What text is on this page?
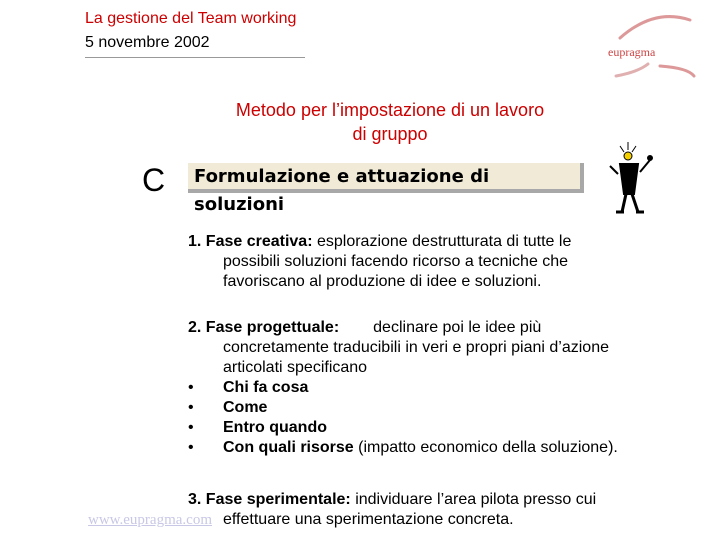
La gestione del Team working
5 novembre 2002
eupragma
Metodo per l’impostazione di un lavoro
di gruppo
C	Formulazione e attuazione di soluzioni
1. Fase creativa: esplorazione destrutturata di tutte le
possibili soluzioni facendo ricorso a tecniche che
favoriscano al produzione di idee e soluzioni.
2. Fase progettuale: declinare poi le idee più
concretamente traducibili in veri e propri piani d’azione
articolati specificano
•	Chi fa cosa
•	Come
•	Entro quando
•	Con quali risorse (impatto economico della soluzione).
www.eupragma.com
3. Fase sperimentale: individuare l’area pilota presso cui
effettuare una sperimentazione concreta.
